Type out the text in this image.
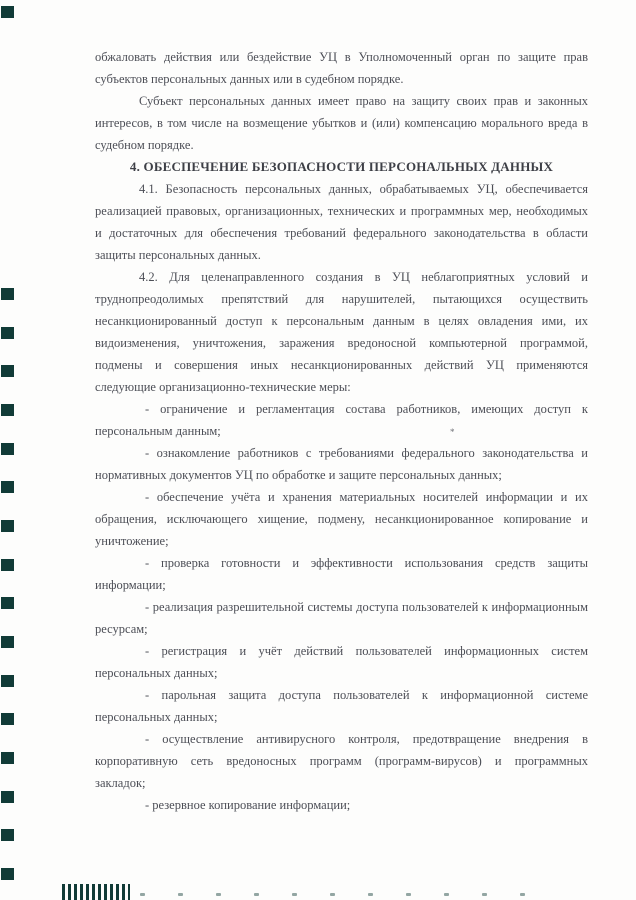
обжаловать действия или бездействие УЦ в Уполномоченный орган по защите прав
субъектов персональных данных или в судебном порядке.
Субъект персональных данных имеет право на защиту своих прав и законных
интересов, в том числе на возмещение убытков и (или) компенсацию морального вреда в
судебном порядке.
4. ОБЕСПЕЧЕНИЕ БЕЗОПАСНОСТИ ПЕРСОНАЛЬНЫХ ДАННЫХ
4.1. Безопасность персональных данных, обрабатываемых УЦ, обеспечивается
реализацией правовых, организационных, технических и программных мер, необходимых
и достаточных для обеспечения требований федерального законодательства в области
защиты персональных данных.
4.2. Для целенаправленного создания в УЦ неблагоприятных условий и
труднопреодолимых препятствий для нарушителей, пытающихся осуществить
несанкционированный доступ к персональным данным в целях овладения ими, их
видоизменения, уничтожения, заражения вредоносной компьютерной программой,
подмены и совершения иных несанкционированных действий УЦ применяются
следующие организационно-технические меры:
- ограничение и регламентация состава работников, имеющих доступ к
персональным данным;
- ознакомление работников с требованиями федерального законодательства и
нормативных документов УЦ по обработке и защите персональных данных;
- обеспечение учёта и хранения материальных носителей информации и их
обращения, исключающего хищение, подмену, несанкционированное копирование и
уничтожение;
- проверка готовности и эффективности использования средств защиты
информации;
- реализация разрешительной системы доступа пользователей к информационным
ресурсам;
- регистрация и учёт действий пользователей информационных систем
персональных данных;
- парольная защита доступа пользователей к информационной системе
персональных данных;
- осуществление антивирусного контроля, предотвращение внедрения в
корпоративную сеть вредоносных программ (программ-вирусов) и программных
закладок;
- резервное копирование информации;
*
